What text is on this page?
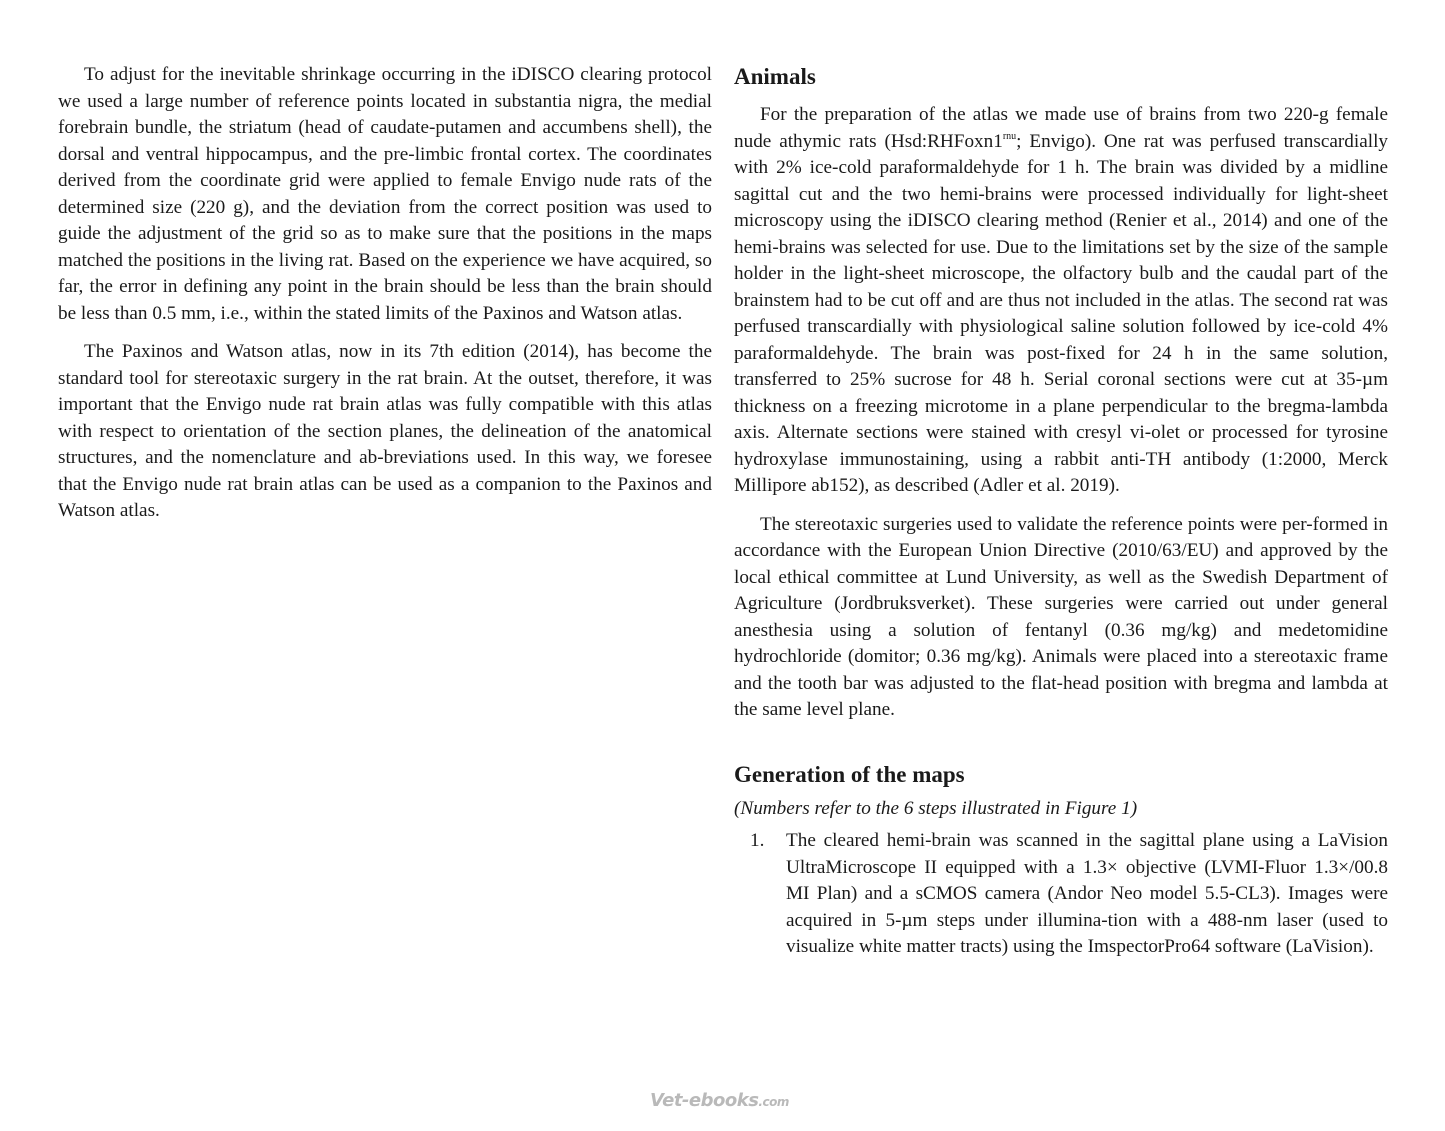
To adjust for the inevitable shrinkage occurring in the iDISCO clearing protocol we used a large number of reference points located in substantia nigra, the medial forebrain bundle, the striatum (head of caudate-putamen and accumbens shell), the dorsal and ventral hippocampus, and the pre-limbic frontal cortex. The coordinates derived from the coordinate grid were applied to female Envigo nude rats of the determined size (220 g), and the deviation from the correct position was used to guide the adjustment of the grid so as to make sure that the positions in the maps matched the positions in the living rat. Based on the experience we have acquired, so far, the error in defining any point in the brain should be less than the brain should be less than 0.5 mm, i.e., within the stated limits of the Paxinos and Watson atlas.

The Paxinos and Watson atlas, now in its 7th edition (2014), has become the standard tool for stereotaxic surgery in the rat brain. At the outset, therefore, it was important that the Envigo nude rat brain atlas was fully compatible with this atlas with respect to orientation of the section planes, the delineation of the anatomical structures, and the nomenclature and ab-breviations used. In this way, we foresee that the Envigo nude rat brain atlas can be used as a companion to the Paxinos and Watson atlas.

Animals

For the preparation of the atlas we made use of brains from two 220-g female nude athymic rats ($Hsd:RHFoxn1^{rnu}$; Envigo). One rat was perfused transcardially with 2% ice-cold paraformaldehyde for 1 h. The brain was divided by a midline sagittal cut and the two hemi-brains were processed individually for light-sheet microscopy using the iDISCO clearing method (Renier et al., 2014) and one of the hemi-brains was selected for use. Due to the limitations set by the size of the sample holder in the light-sheet microscope, the olfactory bulb and the caudal part of the brainstem had to be cut off and are thus not included in the atlas. The second rat was perfused transcardially with physiological saline solution followed by ice-cold 4% paraformaldehyde. The brain was post-fixed for 24 h in the same solution, transferred to 25% sucrose for 48 h. Serial coronal sections were cut at 35-µm thickness on a freezing microtome in a plane perpendicular to the bregma-lambda axis. Alternate sections were stained with cresyl vi-olet or processed for tyrosine hydroxylase immunostaining, using a rabbit anti-TH antibody (1:2000, Merck Millipore ab152), as described (Adler et al. 2019).

The stereotaxic surgeries used to validate the reference points were per-formed in accordance with the European Union Directive (2010/63/EU) and approved by the local ethical committee at Lund University, as well as the Swedish Department of Agriculture (Jordbruksverket). These surgeries were carried out under general anesthesia using a solution of fentanyl (0.36 mg/kg) and medetomidine hydrochloride (domitor; 0.36 mg/kg). Animals were placed into a stereotaxic frame and the tooth bar was adjusted to the flat-head position with bregma and lambda at the same level plane.

Generation of the maps
(Numbers refer to the 6 steps illustrated in Figure 1)
1. The cleared hemi-brain was scanned in the sagittal plane using a LaVision UltraMicroscope II equipped with a 1.3× objective (LVMI-Fluor 1.3×/00.8 MI Plan) and a sCMOS camera (Andor Neo model 5.5-CL3). Images were acquired in 5-µm steps under illumina-tion with a 488-nm laser (used to visualize white matter tracts) using the ImspectorPro64 software (LaVision).
Vet-ebooks.com
